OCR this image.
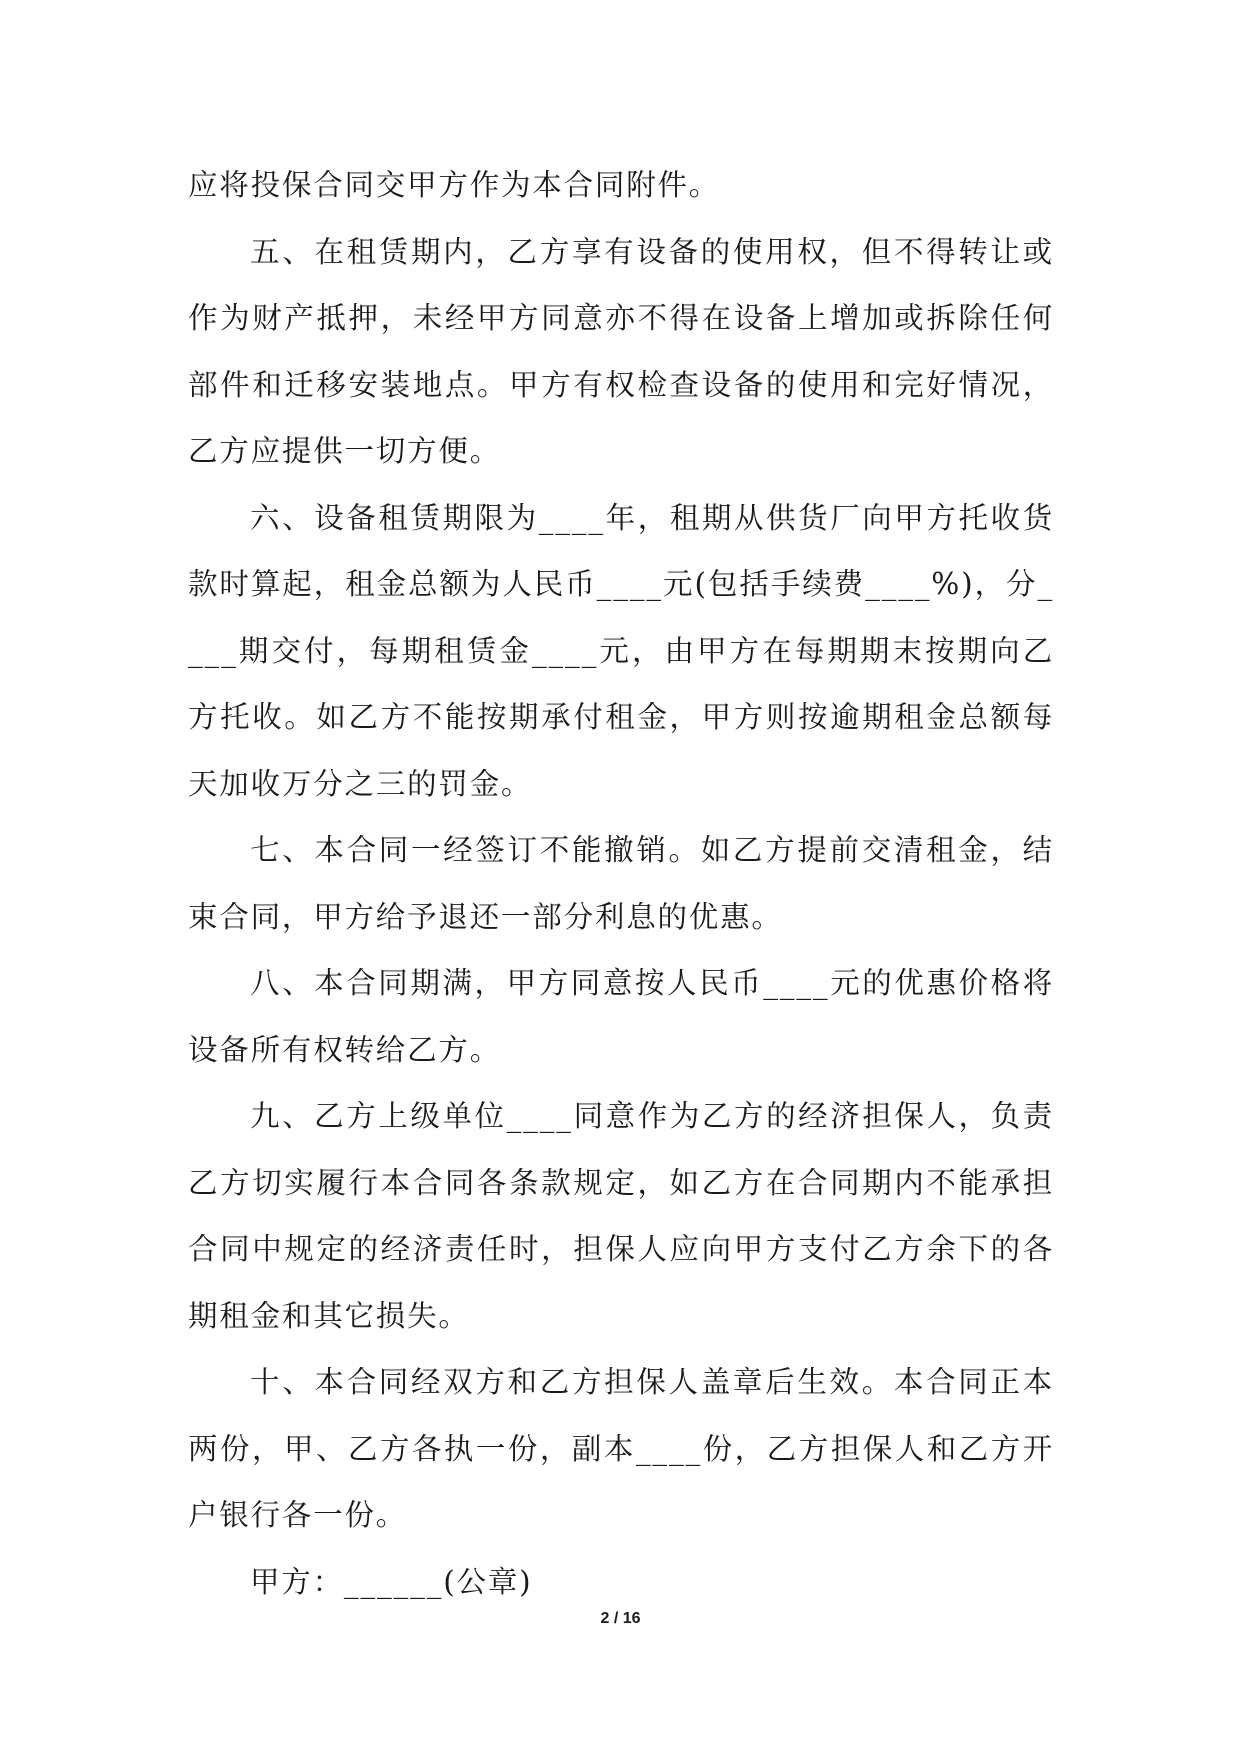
应将投保合同交甲方作为本合同附件。

五、在租赁期内，乙方享有设备的使用权，但不得转让或作为财产抵押，未经甲方同意亦不得在设备上增加或拆除任何部件和迁移安装地点。甲方有权检查设备的使用和完好情况，乙方应提供一切方便。

六、设备租赁期限为____年，租期从供货厂向甲方托收货款时算起，租金总额为人民币____元(包括手续费____%)，分____期交付，每期租赁金____元，由甲方在每期期末按期向乙方托收。如乙方不能按期承付租金，甲方则按逾期租金总额每天加收万分之三的罚金。

七、本合同一经签订不能撤销。如乙方提前交清租金，结束合同，甲方给予退还一部分利息的优惠。

八、本合同期满，甲方同意按人民币____元的优惠价格将设备所有权转给乙方。

九、乙方上级单位____同意作为乙方的经济担保人，负责乙方切实履行本合同各条款规定，如乙方在合同期内不能承担合同中规定的经济责任时，担保人应向甲方支付乙方余下的各期租金和其它损失。

十、本合同经双方和乙方担保人盖章后生效。本合同正本两份，甲、乙方各执一份，副本____份，乙方担保人和乙方开户银行各一份。

甲方：______(公章)

2 / 16
